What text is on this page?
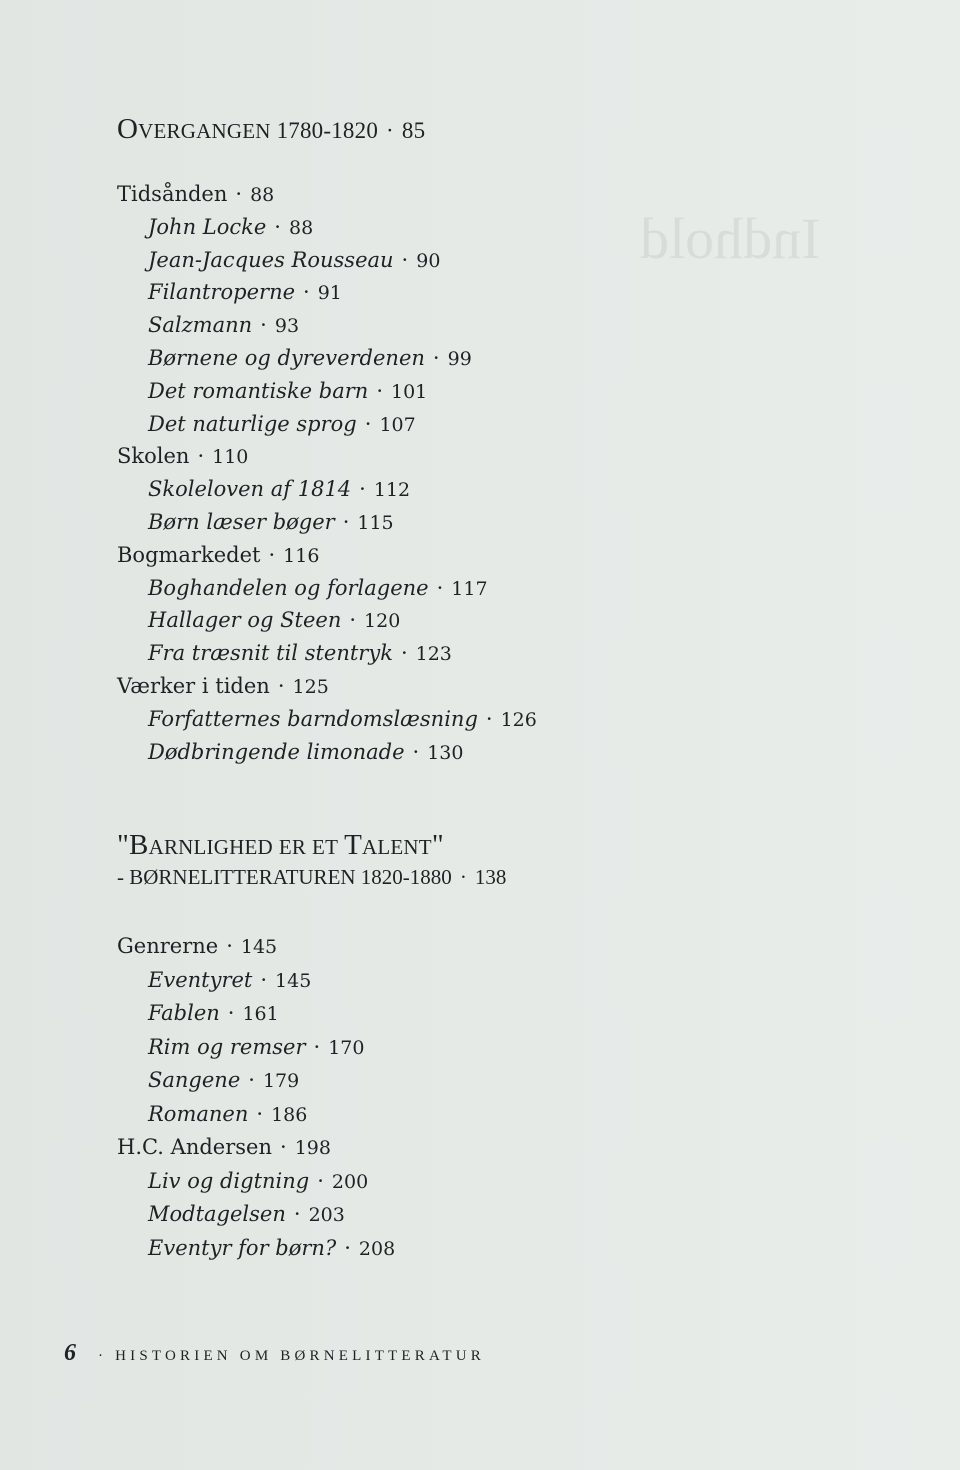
Indhold
OVERGANGEN 1780-1820 · 85
Tidsånden · 88
John Locke · 88
Jean-Jacques Rousseau · 90
Filantroperne · 91
Salzmann · 93
Børnene og dyreverdenen · 99
Det romantiske barn · 101
Det naturlige sprog · 107
Skolen · 110
Skoleloven af 1814 · 112
Børn læser bøger · 115
Bogmarkedet · 116
Boghandelen og forlagene · 117
Hallager og Steen · 120
Fra træsnit til stentryk · 123
Værker i tiden · 125
Forfatternes barndomslæsning · 126
Dødbringende limonade · 130
"BARNLIGHED ER ET TALENT"
- BØRNELITTERATUREN 1820-1880 · 138
Genrerne · 145
Eventyret · 145
Fablen · 161
Rim og remser · 170
Sangene · 179
Romanen · 186
H.C. Andersen · 198
Liv og digtning · 200
Modtagelsen · 203
Eventyr for børn? · 208
6 · HISTORIEN OM BØRNELITTERATUR
